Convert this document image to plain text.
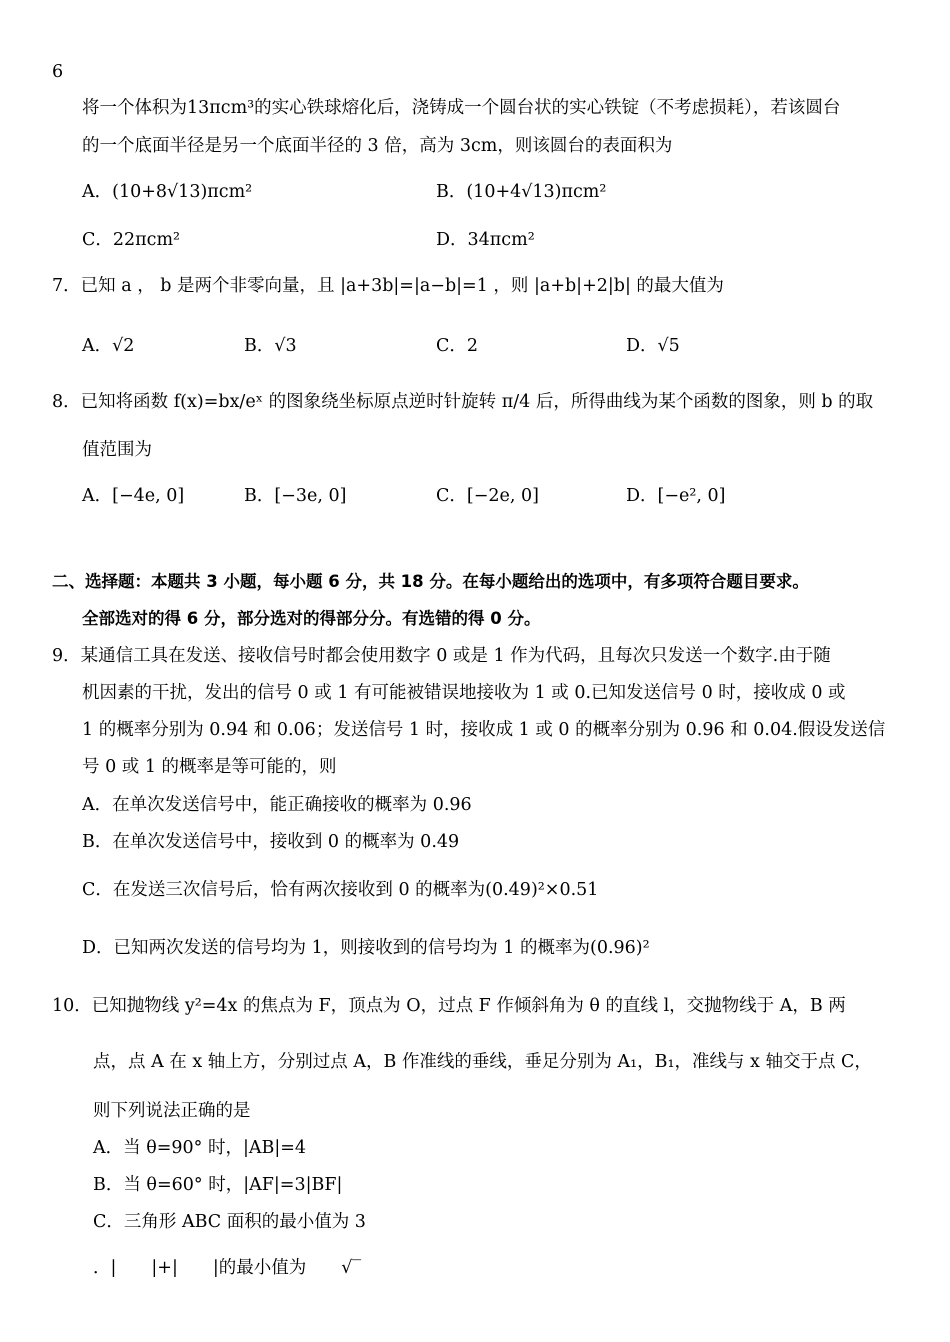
6
将一个体积为13πcm³的实心铁球熔化后，浇铸成一个圆台状的实心铁锭（不考虑损耗），若该圆台
的一个底面半径是另一个底面半径的 3 倍，高为 3cm，则该圆台的表面积为
A．(10+8√13)πcm²	B．(10+4√13)πcm²
C．22πcm²	D．34πcm²
7．已知 a ， b 是两个非零向量，且 |a+3b|=|a−b|=1 ，则 |a+b|+2|b| 的最大值为
A．√2	B．√3	C．2	D．√5
8．已知将函数 f(x)=bx/eˣ 的图象绕坐标原点逆时针旋转 π/4 后，所得曲线为某个函数的图象，则 b 的取
值范围为
A．[−4e, 0]	B．[−3e, 0]	C．[−2e, 0]	D．[−e², 0]
二、选择题：本题共 3 小题，每小题 6 分，共 18 分。在每小题给出的选项中，有多项符合题目要求。
全部选对的得 6 分，部分选对的得部分分。有选错的得 0 分。
9．某通信工具在发送、接收信号时都会使用数字 0 或是 1 作为代码，且每次只发送一个数字.由于随
机因素的干扰，发出的信号 0 或 1 有可能被错误地接收为 1 或 0.已知发送信号 0 时，接收成 0 或
1 的概率分别为 0.94 和 0.06；发送信号 1 时，接收成 1 或 0 的概率分别为 0.96 和 0.04.假设发送信
号 0 或 1 的概率是等可能的，则
A．在单次发送信号中，能正确接收的概率为 0.96
B．在单次发送信号中，接收到 0 的概率为 0.49
C．在发送三次信号后，恰有两次接收到 0 的概率为(0.49)²×0.51
D．已知两次发送的信号均为 1，则接收到的信号均为 1 的概率为(0.96)²
10．已知抛物线 y²=4x 的焦点为 F，顶点为 O，过点 F 作倾斜角为 θ 的直线 l，交抛物线于 A，B 两
点，点 A 在 x 轴上方，分别过点 A，B 作准线的垂线，垂足分别为 A₁，B₁，准线与 x 轴交于点 C，
则下列说法正确的是
A．当 θ=90° 时，|AB|=4
B．当 θ=60° 时，|AF|=3|BF|
C．三角形 ABC 面积的最小值为 3
．|　　|+|　　|的最小值为　　√‾
